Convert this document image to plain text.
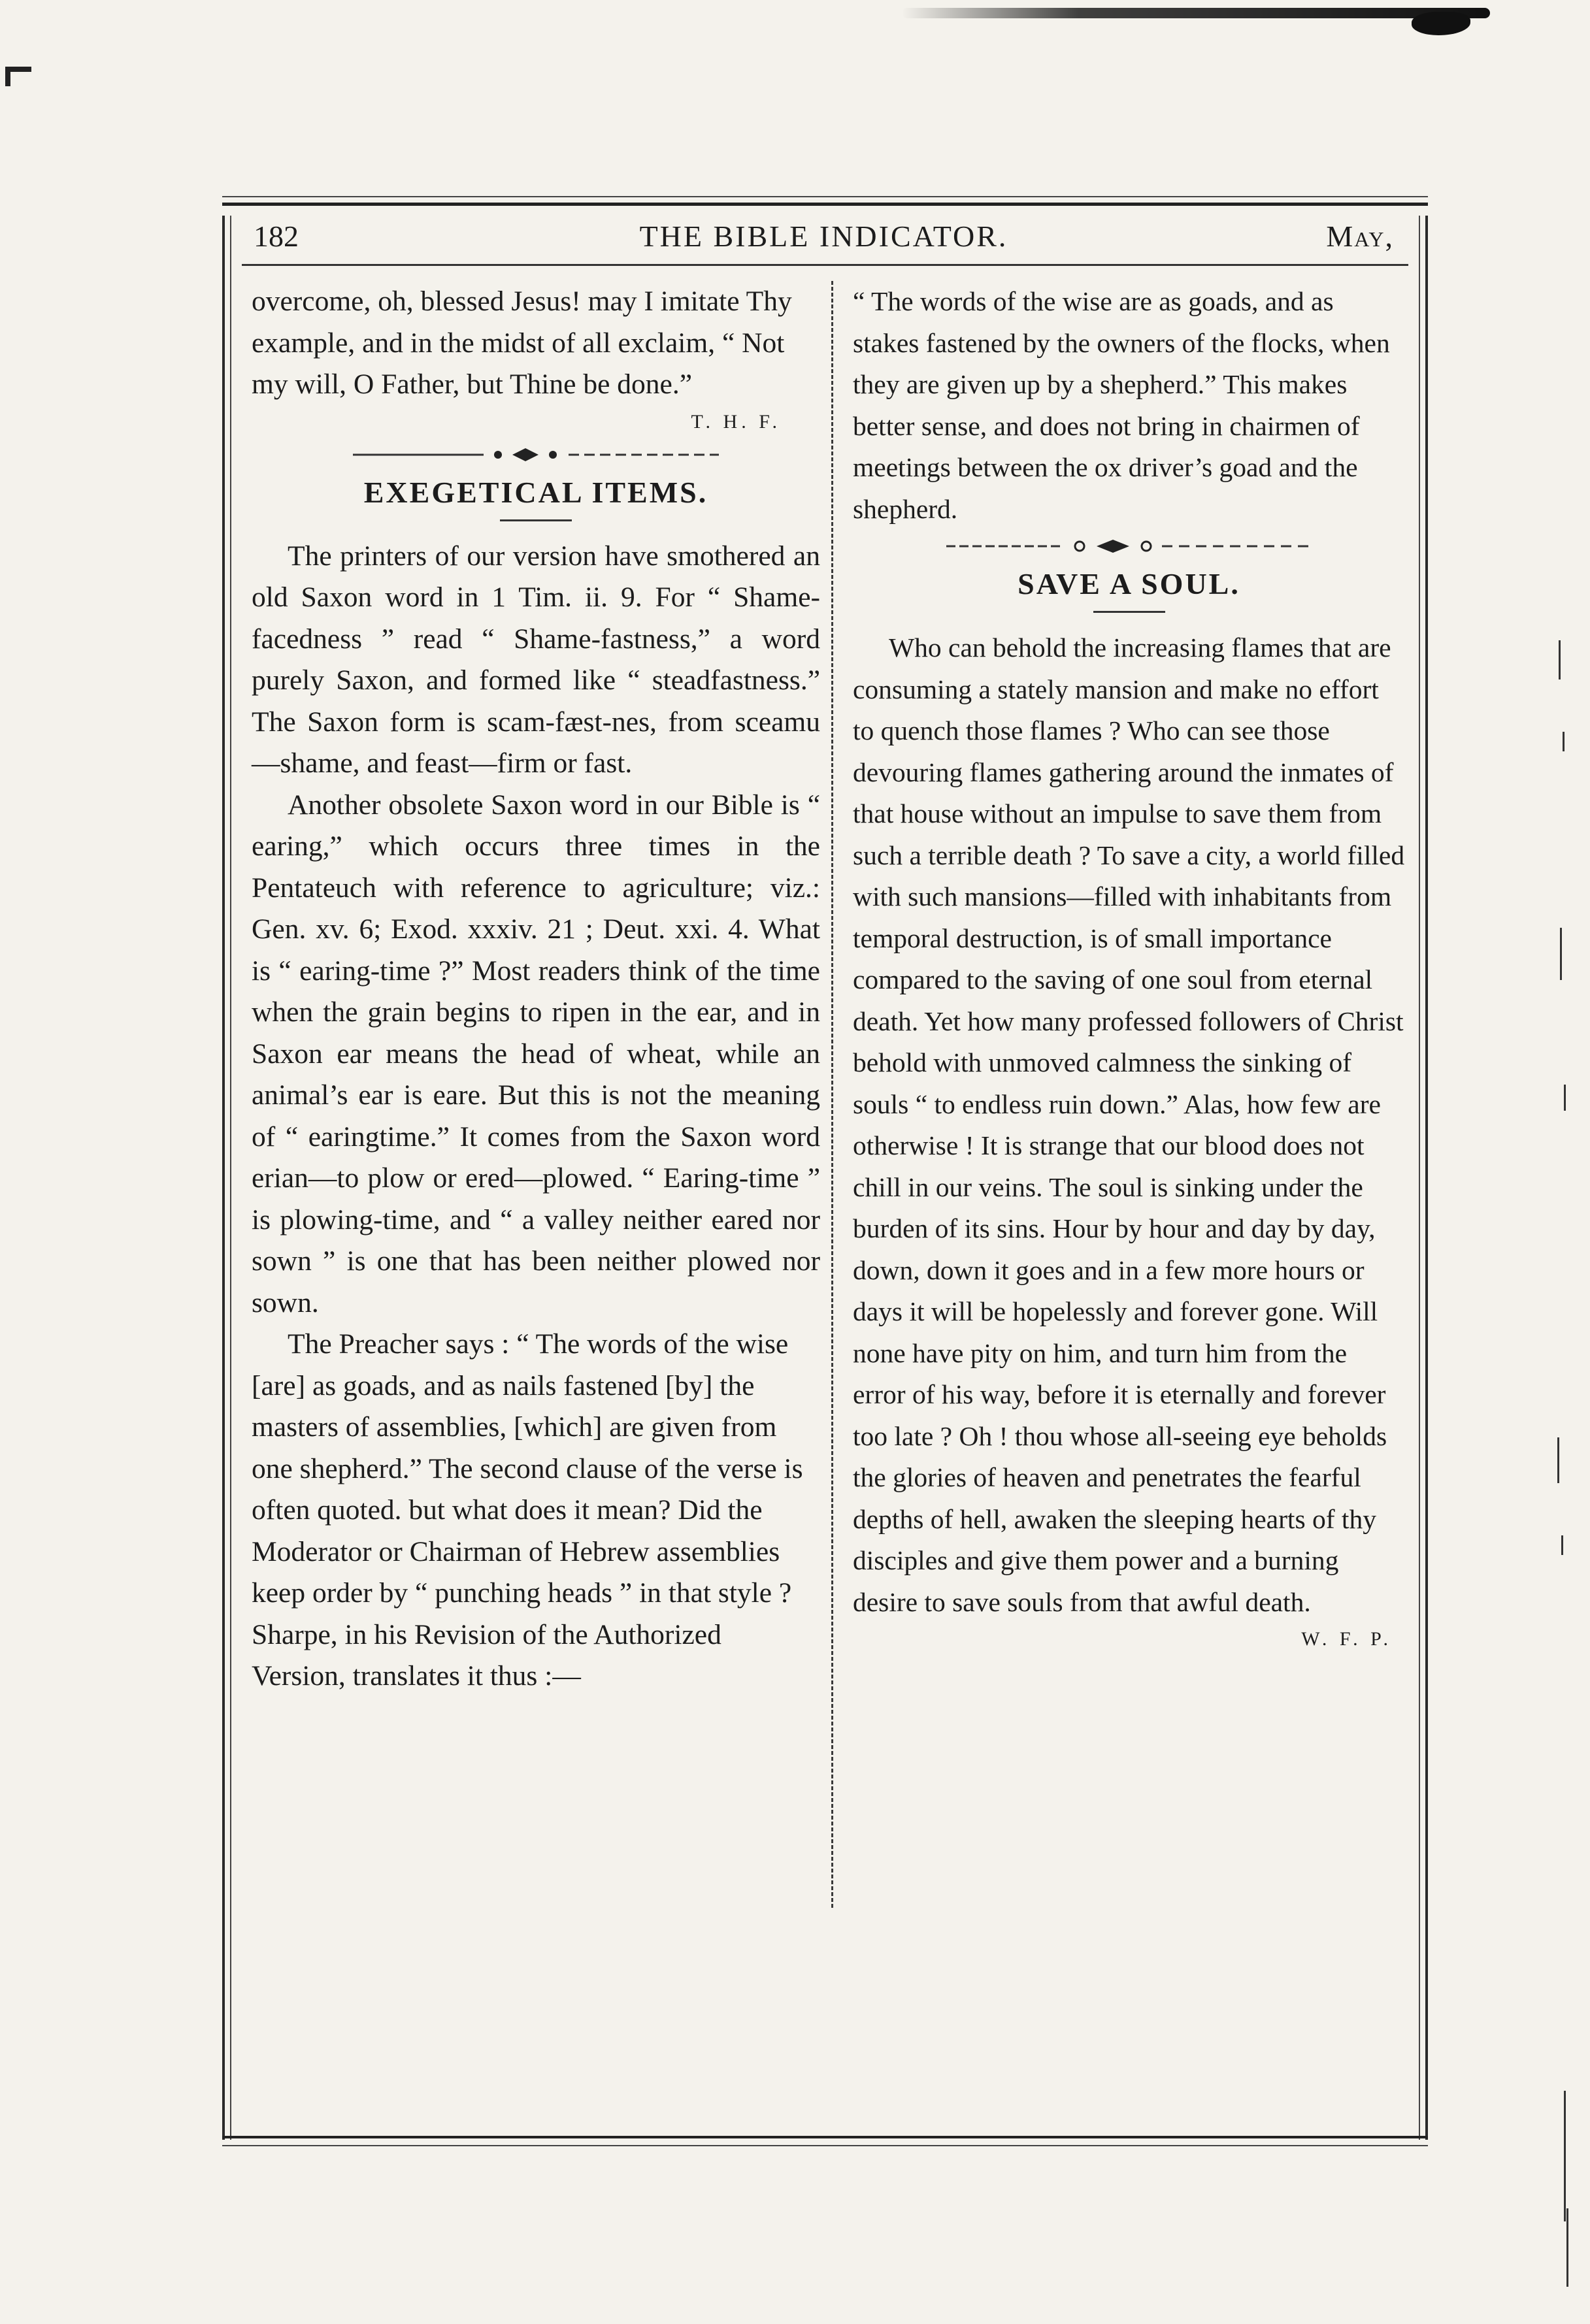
182	THE BIBLE INDICATOR.	May,

overcome, oh, blessed Jesus! may I imitate Thy example, and in the midst of all exclaim, “ Not my will, O Father, but Thine be done.”

T. H. F.
EXEGETICAL ITEMS.

The printers of our version have smothered an old Saxon word in 1 Tim. ii. 9. For “ Shame-facedness ” read “ Shame-fastness,” a word purely Saxon, and formed like “ steadfastness.” The Saxon form is scam-fæst-nes, from sceamu—shame, and feast—firm or fast.

Another obsolete Saxon word in our Bible is “ earing,” which occurs three times in the Pentateuch with reference to agriculture; viz.: Gen. xv. 6; Exod. xxxiv. 21 ; Deut. xxi. 4. What is “ earing-time ?” Most readers think of the time when the grain begins to ripen in the ear, and in Saxon ear means the head of wheat, while an animal’s ear is eare. But this is not the meaning of “ earingtime.” It comes from the Saxon word erian—to plow or ered—plowed. “ Earing-time ” is plowing-time, and “ a valley neither eared nor sown ” is one that has been neither plowed nor sown.

The Preacher says : “ The words of the wise [are] as goads, and as nails fastened [by] the masters of assemblies, [which] are given from one shepherd.” The second clause of the verse is often quoted. but what does it mean? Did the Moderator or Chairman of Hebrew assemblies keep order by “ punching heads ” in that style ? Sharpe, in his Revision of the Authorized Version, translates it thus :—

“ The words of the wise are as goads, and as stakes fastened by the owners of the flocks, when they are given up by a shepherd.” This makes better sense, and does not bring in chairmen of meetings between the ox driver’s goad and the shepherd.

SAVE A SOUL.

Who can behold the increasing flames that are consuming a stately mansion and make no effort to quench those flames ? Who can see those devouring flames gathering around the inmates of that house without an impulse to save them from such a terrible death ? To save a city, a world filled with such mansions—filled with inhabitants from temporal destruction, is of small importance compared to the saving of one soul from eternal death. Yet how many professed followers of Christ behold with unmoved calmness the sinking of souls “ to endless ruin down.” Alas, how few are otherwise ! It is strange that our blood does not chill in our veins. The soul is sinking under the burden of its sins. Hour by hour and day by day, down, down it goes and in a few more hours or days it will be hopelessly and forever gone. Will none have pity on him, and turn him from the error of his way, before it is eternally and forever too late ? Oh ! thou whose all-seeing eye beholds the glories of heaven and penetrates the fearful depths of hell, awaken the sleeping hearts of thy disciples and give them power and a burning desire to save souls from that awful death.

W. F. P.
